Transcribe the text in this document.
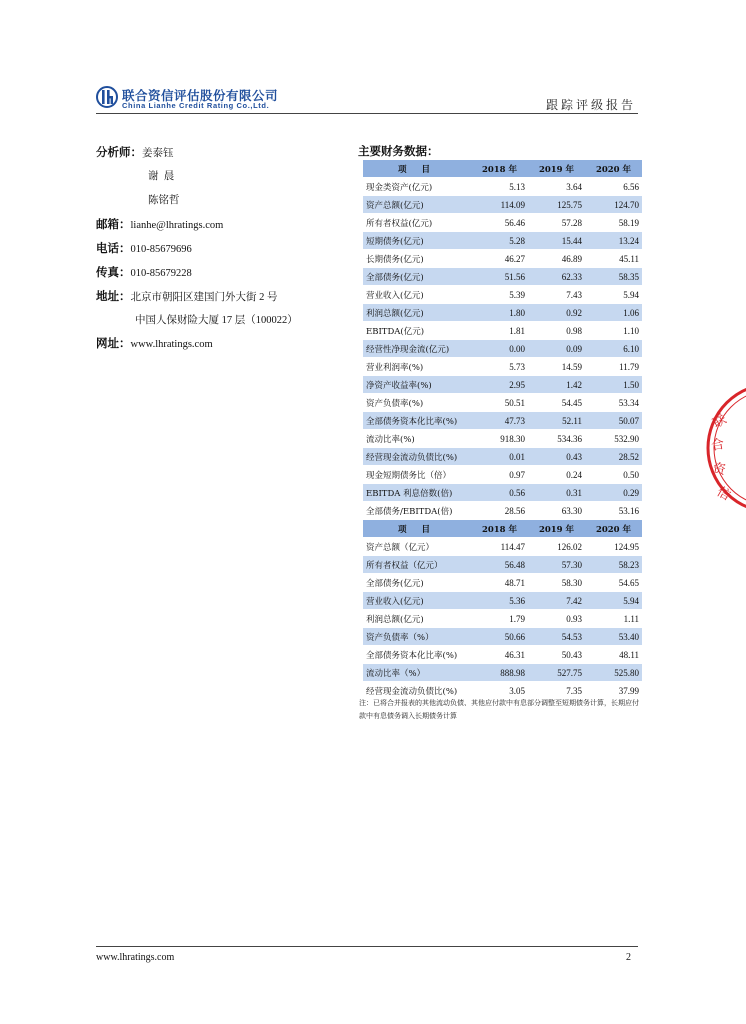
联合资信评估股份有限公司
China Lianhe Credit Rating Co.,Ltd.	跟踪评级报告
分析师：姜泰钰
谢  晨
陈铭哲
邮箱：lianhe@lhratings.com
电话：010-85679696
传真：010-85679228
地址：北京市朝阳区建国门外大街 2 号
中国人保财险大厦 17 层（100022）
网址：www.lhratings.com
主要财务数据：
项 目	2018 年	2019 年	2020 年
现金类资产(亿元)	5.13	3.64	6.56
资产总额(亿元)	114.09	125.75	124.70
所有者权益(亿元)	56.46	57.28	58.19
短期债务(亿元)	5.28	15.44	13.24
长期债务(亿元)	46.27	46.89	45.11
全部债务(亿元)	51.56	62.33	58.35
营业收入(亿元)	5.39	7.43	5.94
利润总额(亿元)	1.80	0.92	1.06
EBITDA(亿元)	1.81	0.98	1.10
经营性净现金流(亿元)	0.00	0.09	6.10
营业利润率(%)	5.73	14.59	11.79
净资产收益率(%)	2.95	1.42	1.50
资产负债率(%)	50.51	54.45	53.34
全部债务资本化比率(%)	47.73	52.11	50.07
流动比率(%)	918.30	534.36	532.90
经营现金流动负债比(%)	0.01	0.43	28.52
现金短期债务比（倍）	0.97	0.24	0.50
EBITDA 利息倍数(倍)	0.56	0.31	0.29
全部债务/EBITDA(倍)	28.56	63.30	53.16
项 目	2018 年	2019 年	2020 年
资产总额（亿元）	114.47	126.02	124.95
所有者权益（亿元）	56.48	57.30	58.23
全部债务(亿元)	48.71	58.30	54.65
营业收入(亿元)	5.36	7.42	5.94
利润总额(亿元)	1.79	0.93	1.11
资产负债率（%）	50.66	54.53	53.40
全部债务资本化比率(%)	46.31	50.43	48.11
流动比率（%）	888.98	527.75	525.80
经营现金流动负债比(%)	3.05	7.35	37.99
注：已将合并报表的其他流动负债、其他应付款中有息部分调整至短期债务计算，长期应付款中有息债务调入长期债务计算
联
合
资
信
www.lhratings.com	2
